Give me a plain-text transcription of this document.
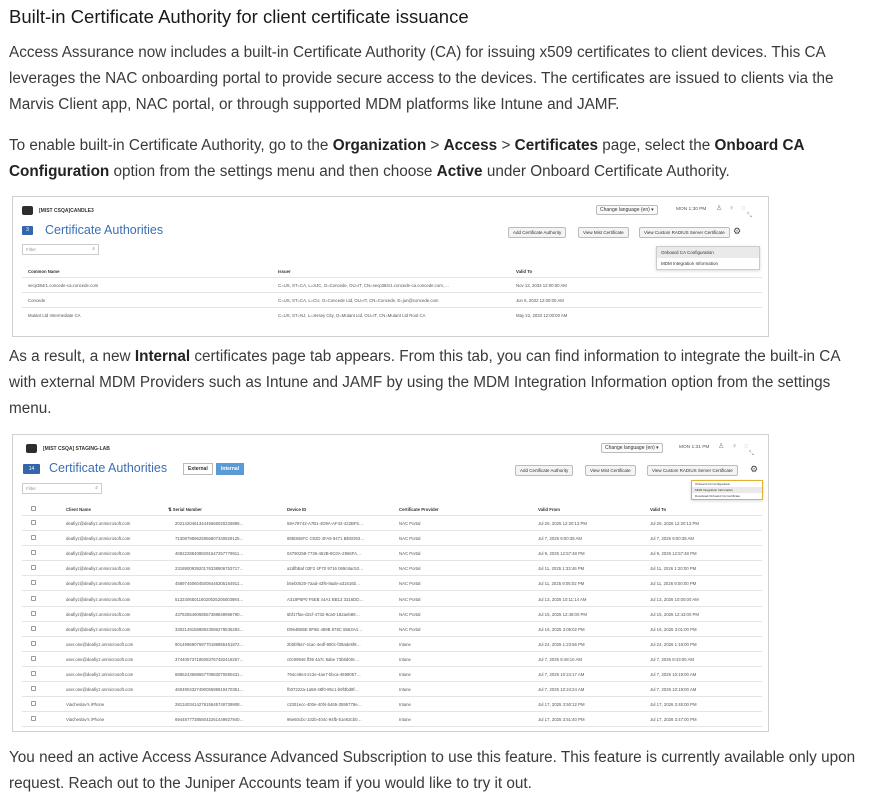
Built-in Certificate Authority for client certificate issuance

Access Assurance now includes a built-in Certificate Authority (CA) for issuing x509 certificates to client devices. This CA leverages the NAC onboarding portal to provide secure access to the devices. The certificates are issued to clients via the Marvis Client app, NAC portal, or through supported MDM platforms like Intune and JAMF.

To enable built-in Certificate Authority, go to the Organization > Access > Certificates page, select the Onboard CA Configuration option from the settings menu and then choose Active under Onboard Certificate Authority.

As a result, a new Internal certificates page tab appears. From this tab, you can find information to integrate the built-in CA with external MDM Providers such as Intune and JAMF by using the MDM Integration Information option from the settings menu.

You need an active Access Assurance Advanced Subscription to use this feature. This feature is currently available only upon request. Reach out to the Juniper Accounts team if you would like to try it out.

[MIST CSQA]CANDLE3	Change language (en) ▾	MON 1:30 PM ♙ ♀ ◌
⤡
3	Certificate Authorities	Add Certificate Authority	View Mist Certificate	View Custom RADIUS Server Certificate ⚙
Onboard CA Configuration
MDM Integration Information
Filter	⌕
Common Name	Issuer	Valid To
secp384r1.concede-ca.concede.com	C=US, ST=CA, L=SJC, O=Concede, OU=IT, CN=secp384r1.concede-ca.concede.com, ...	Nov 13, 2033 12:00:00 AM
Concede	C=US, ST=CA, L=CU, O=Concede Ltd, OU=IT, CN=Concede, E=jun@concede.com	Jun 6, 2032 12:00:00 AM
Mutant Ltd Intermediate CA	C=US, ST=NJ, L=Jersey City, O=Mutant Ltd, OU=IT, CN=Mutant Ltd Root CA	May 22, 2033 12:00:00 AM
[MIST CSQA] STAGING-LAB	Change language (en) ▾	MON 1:31 PM ♙ ♀ ◌
⤡
14	Certificate Authorities	External	Internal	Add Certificate Authority	View Mist Certificate	View Custom RADIUS Server Certificate	⚙
Onboard CA Configuration
MDM Integration Information
Download Onboard CA Certificate
Filter	⌕
Client Name	⇅ Serial Number	Device ID	Certificate Provider	Valid From	Valid To
deafiyz@deafiyz.onmicrosoft.com	202142046134445666020225896…	59A78742-A7B1-4D9A-AF42-422BF6…	NAC Portal	Jul 26, 2025 12:20:13 PM	Jul 26, 2026 12:20:13 PM
deafiyz@deafiyz.onmicrosoft.com	713087959625856807340829125…	885DB6FC C92D 4FA9 9471 BEED93…	NAC Portal	Jul 7, 2025 9:00:39 AM	Jul 7, 2026 9:00:39 AM
deafiyz@deafiyz.onmicrosoft.com	469222884088291547257779911…	04790258-7736-462B-8C0A-2966FA…	NAC Portal	Jul 9, 2025 12:57:48 PM	Jul 9, 2026 12:57:48 PM
deafiyz@deafiyz.onmicrosoft.com	231890093920176338906753717…	a2dfbBaf 03F2 4F70 9716 069c8ac53…	NAC Portal	Jul 11, 2025 1:33:46 PM	Jul 11, 2026 1:20:00 PM
deafiyz@deafiyz.onmicrosoft.com	458974506045005446305164911…	b6eb0520-7aad-43f6-9ade-a31616b…	NAC Portal	Jul 11, 2025 9:05:02 PM	Jul 11, 2026 9:00:00 PM
deafiyz@deafiyz.onmicrosoft.com	513240650116020525205003984…	A318P5P0 F5EB 44A1 BB13 3316DD…	NAC Portal	Jul 13, 2025 10:11:14 AM	Jul 13, 2026 10:00:00 AM
deafiyz@deafiyz.onmicrosoft.com	437635546068557388849968790…	6bf17fae-d2cf-4732-9ca0-182aeb89…	NAC Portal	Jul 15, 2025 12:48:00 PM	Jul 15, 2026 12:43:00 PM
deafiyz@deafiyz.onmicrosoft.com	330214915698923086279536293…	D964B86E 8F6E 489B 878C 8663A4…	NAC Portal	Jul 16, 2025 3:06:02 PM	Jul 16, 2026 3:01:00 PM
user.one@deafiyz.onmicrosoft.com	901499690769770189855451872…	2b0bf9a7-4cac-4edf-890c-f39ade5f8…	Intune	Jul 24, 2025 1:23:56 PM	Jul 24, 2026 1:18:00 PM
user.one@deafiyz.onmicrosoft.com	374405737185083767482418267…	c0c99946 ff39 4a7c 8abe 73b8d00c…	Intune	Jul 7, 2025 8:48:10 AM	Jul 7, 2026 8:43:00 AM
user.one@deafiyz.onmicrosoft.com	688524369865770983070680431…	794c48e4-2c3e-4ae7-bbca-4698057…	Intune	Jul 7, 2025 10:24:17 AM	Jul 7, 2026 10:19:00 AM
user.one@deafiyz.onmicrosoft.com	460490432749005599919470351…	fb07222a-1a58-48f0-95c1-b9f3bd9f…	Intune	Jul 7, 2025 10:24:24 AM	Jul 7, 2026 10:19:00 AM
Viacheslav's iPhone	281340341427915645749739908…	c3301ecc-400e-40f4-b465-3595779e…	Intune	Jul 17, 2025 3:50:12 PM	Jul 17, 2026 3:45:00 PM
Viacheslav's iPhone	694487773858042261449927940…	96e60cbc-102b-404c-94fb-51e63cb0…	Intune	Jul 17, 2025 3:51:40 PM	Jul 17, 2026 3:47:00 PM
